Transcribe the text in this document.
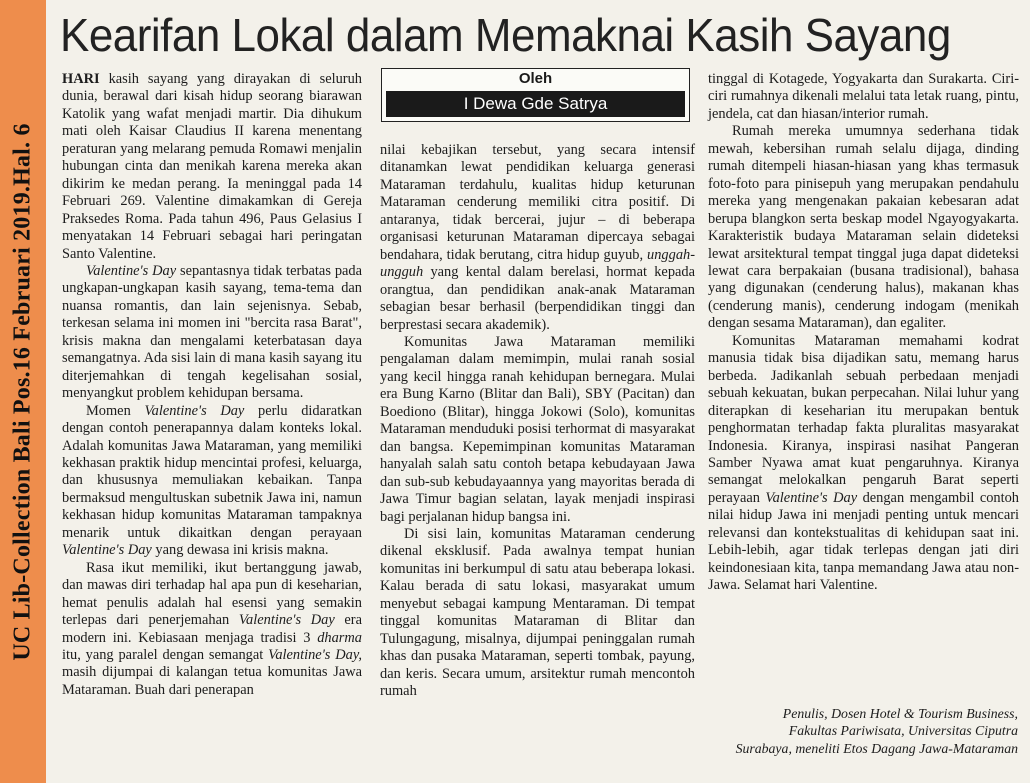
UC Lib-Collection Bali Pos.16 Februari 2019.Hal. 6
Kearifan Lokal dalam Memaknai Kasih Sayang
Oleh
I Dewa Gde Satrya

HARI kasih sayang yang dirayakan di seluruh dunia, berawal dari kisah hidup seorang biarawan Katolik yang wafat menjadi martir. Dia dihukum mati oleh Kaisar Claudius II karena menentang peraturan yang melarang pemuda Romawi menjalin hubungan cinta dan menikah karena mereka akan dikirim ke medan perang. Ia meninggal pada 14 Februari 269. Valentine dimakamkan di Gereja Praksedes Roma. Pada tahun 496, Paus Gelasius I menyatakan 14 Februari sebagai hari peringatan Santo Valentine.

Valentine's Day sepantasnya tidak terbatas pada ungkapan-ungkapan kasih sayang, tema-tema dan nuansa romantis, dan lain sejenisnya. Sebab, terkesan selama ini momen ini "bercita rasa Barat", krisis makna dan mengalami keterbatasan daya semangatnya. Ada sisi lain di mana kasih sayang itu diterjemahkan di tengah kegelisahan sosial, menyangkut problem kehidupan bersama.

Momen Valentine's Day perlu didaratkan dengan contoh penerapannya dalam konteks lokal. Adalah komunitas Jawa Mataraman, yang memiliki kekhasan praktik hidup mencintai profesi, keluarga, dan khususnya memuliakan kebaikan. Tanpa bermaksud mengultuskan subetnik Jawa ini, namun kekhasan hidup komunitas Mataraman tampaknya menarik untuk dikaitkan dengan perayaan Valentine's Day yang dewasa ini krisis makna.

Rasa ikut memiliki, ikut bertanggung jawab, dan mawas diri terhadap hal apa pun di keseharian, hemat penulis adalah hal esensi yang semakin terlepas dari penerjemahan Valentine's Day era modern ini. Kebiasaan menjaga tradisi 3 dharma itu, yang paralel dengan semangat Valentine's Day, masih dijumpai di kalangan tetua komunitas Jawa Mataraman. Buah dari penerapan

nilai kebajikan tersebut, yang secara intensif ditanamkan lewat pendidikan keluarga generasi Mataraman terdahulu, kualitas hidup keturunan Mataraman cenderung memiliki citra positif. Di antaranya, tidak bercerai, jujur – di beberapa organisasi keturunan Mataraman dipercaya sebagai bendahara, tidak berutang, citra hidup guyub, unggah-ungguh yang kental dalam berelasi, hormat kepada orangtua, dan pendidikan anak-anak Mataraman sebagian besar berhasil (berpendidikan tinggi dan berprestasi secara akademik).

Komunitas Jawa Mataraman memiliki pengalaman dalam memimpin, mulai ranah sosial yang kecil hingga ranah kehidupan bernegara. Mulai era Bung Karno (Blitar dan Bali), SBY (Pacitan) dan Boediono (Blitar), hingga Jokowi (Solo), komunitas Mataraman menduduki posisi terhormat di masyarakat dan bangsa. Kepemimpinan komunitas Mataraman hanyalah salah satu contoh betapa kebudayaan Jawa dan sub-sub kebudayaannya yang mayoritas berada di Jawa Timur bagian selatan, layak menjadi inspirasi bagi perjalanan hidup bangsa ini.

Di sisi lain, komunitas Mataraman cenderung dikenal eksklusif. Pada awalnya tempat hunian komunitas ini berkumpul di satu atau beberapa lokasi. Kalau berada di satu lokasi, masyarakat umum menyebut sebagai kampung Mentaraman. Di tempat tinggal komunitas Mataraman di Blitar dan Tulungagung, misalnya, dijumpai peninggalan rumah khas dan pusaka Mataraman, seperti tombak, payung, dan keris. Secara umum, arsitektur rumah mencontoh rumah

tinggal di Kotagede, Yogyakarta dan Surakarta. Ciri-ciri rumahnya dikenali melalui tata letak ruang, pintu, jendela, cat dan hiasan/interior rumah.

Rumah mereka umumnya sederhana tidak mewah, kebersihan rumah selalu dijaga, dinding rumah ditempeli hiasan-hiasan yang khas termasuk foto-foto para pinisepuh yang merupakan pendahulu mereka yang mengenakan pakaian kebesaran adat berupa blangkon serta beskap model Ngayogyakarta. Karakteristik budaya Mataraman selain dideteksi lewat arsitektural tempat tinggal juga dapat dideteksi lewat cara berpakaian (busana tradisional), bahasa yang digunakan (cenderung halus), makanan khas (cenderung manis), cenderung indogam (menikah dengan sesama Mataraman), dan egaliter.

Komunitas Mataraman memahami kodrat manusia tidak bisa dijadikan satu, memang harus berbeda. Jadikanlah sebuah perbedaan menjadi sebuah kekuatan, bukan perpecahan. Nilai luhur yang diterapkan di keseharian itu merupakan bentuk penghormatan terhadap fakta pluralitas masyarakat Indonesia. Kiranya, inspirasi nasihat Pangeran Samber Nyawa amat kuat pengaruhnya. Kiranya semangat melokalkan pengaruh Barat seperti perayaan Valentine's Day dengan mengambil contoh nilai hidup Jawa ini menjadi penting untuk mencari relevansi dan kontekstualitas di kehidupan saat ini. Lebih-lebih, agar tidak terlepas dengan jati diri keindonesiaan kita, tanpa memandang Jawa atau non-Jawa. Selamat hari Valentine.

Penulis, Dosen Hotel & Tourism Business, Fakultas Pariwisata, Universitas Ciputra Surabaya, meneliti Etos Dagang Jawa-Mataraman
